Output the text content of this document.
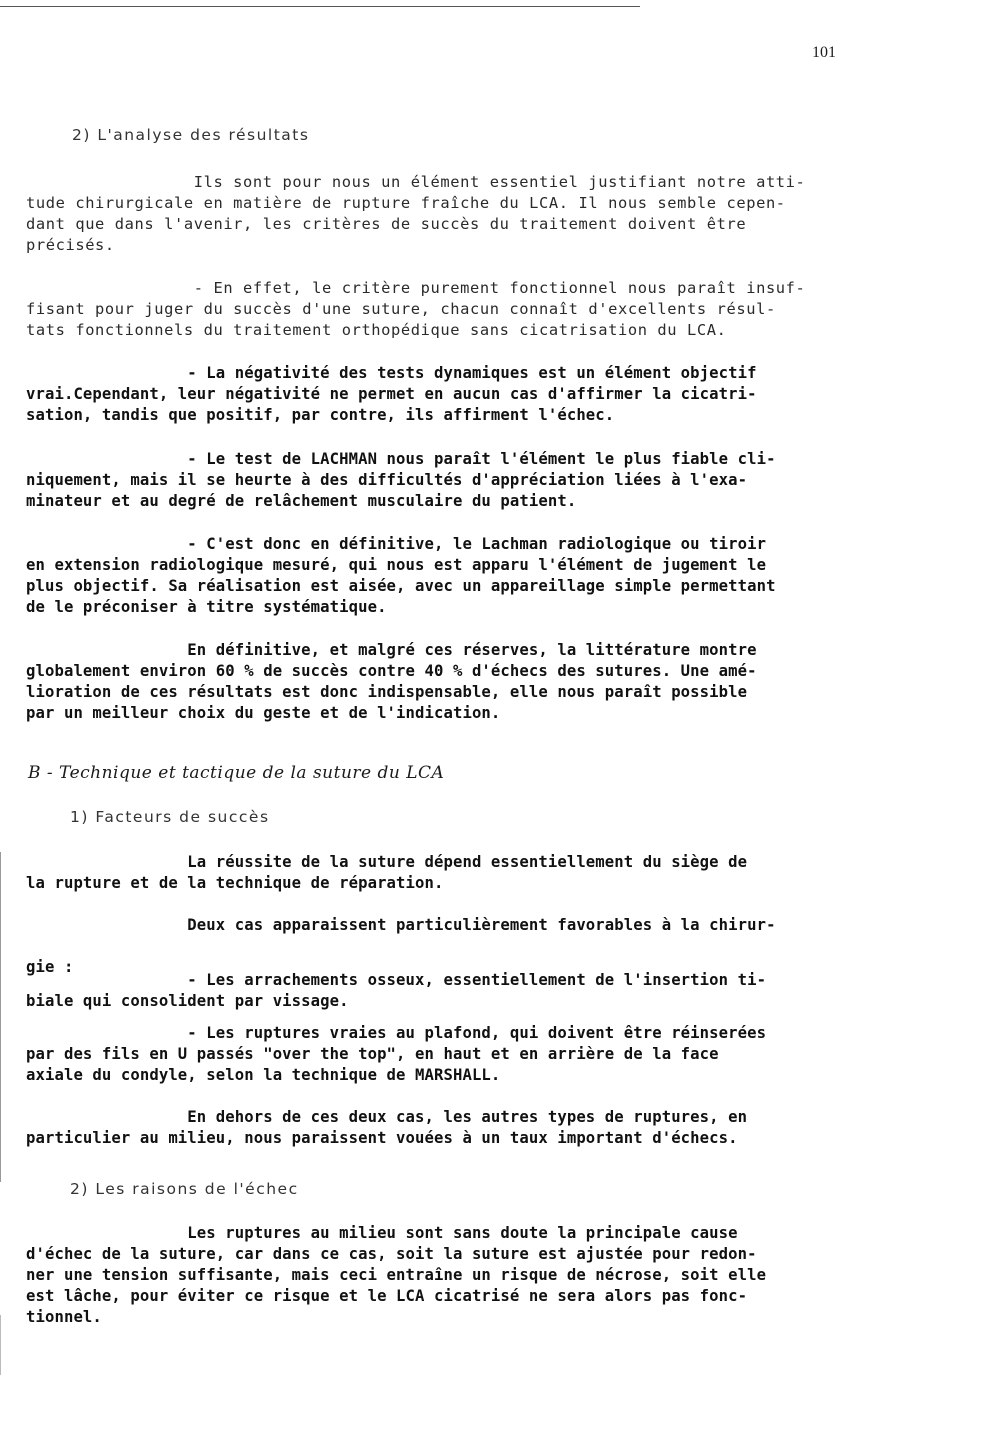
101
2) L'analyse des résultats
Ils sont pour nous un élément essentiel justifiant notre atti-
tude chirurgicale en matière de rupture fraîche du LCA. Il nous semble cepen-
dant que dans l'avenir, les critères de succès du traitement doivent être
précisés.
- En effet, le critère purement fonctionnel nous paraît insuf-
fisant pour juger du succès d'une suture, chacun connaît d'excellents résul-
tats fonctionnels du traitement orthopédique sans cicatrisation du LCA.
- La négativité des tests dynamiques est un élément objectif
vrai.Cependant, leur négativité ne permet en aucun cas d'affirmer la cicatri-
sation, tandis que positif, par contre, ils affirment l'échec.
- Le test de LACHMAN nous paraît l'élément le plus fiable cli-
niquement, mais il se heurte à des difficultés d'appréciation liées à l'exa-
minateur et au degré de relâchement musculaire du patient.
- C'est donc en définitive, le Lachman radiologique ou tiroir
en extension radiologique mesuré, qui nous est apparu l'élément de jugement le
plus objectif. Sa réalisation est aisée, avec un appareillage simple permettant
de le préconiser à titre systématique.
En définitive, et malgré ces réserves, la littérature montre
globalement environ 60 % de succès contre 40 % d'échecs des sutures. Une amé-
lioration de ces résultats est donc indispensable, elle nous paraît possible
par un meilleur choix du geste et de l'indication.
B - Technique et tactique de la suture du LCA
1) Facteurs de succès
La réussite de la suture dépend essentiellement du siège de
la rupture et de la technique de réparation.
Deux cas apparaissent particulièrement favorables à la chirur-
gie :
- Les arrachements osseux, essentiellement de l'insertion ti-
biale qui consolident par vissage.
- Les ruptures vraies au plafond, qui doivent être réinserées
par des fils en U passés "over the top", en haut et en arrière de la face
axiale du condyle, selon la technique de MARSHALL.
En dehors de ces deux cas, les autres types de ruptures, en
particulier au milieu, nous paraissent vouées à un taux important d'échecs.
2) Les raisons de l'échec
Les ruptures au milieu sont sans doute la principale cause
d'échec de la suture, car dans ce cas, soit la suture est ajustée pour redon-
ner une tension suffisante, mais ceci entraîne un risque de nécrose, soit elle
est lâche, pour éviter ce risque et le LCA cicatrisé ne sera alors pas fonc-
tionnel.
